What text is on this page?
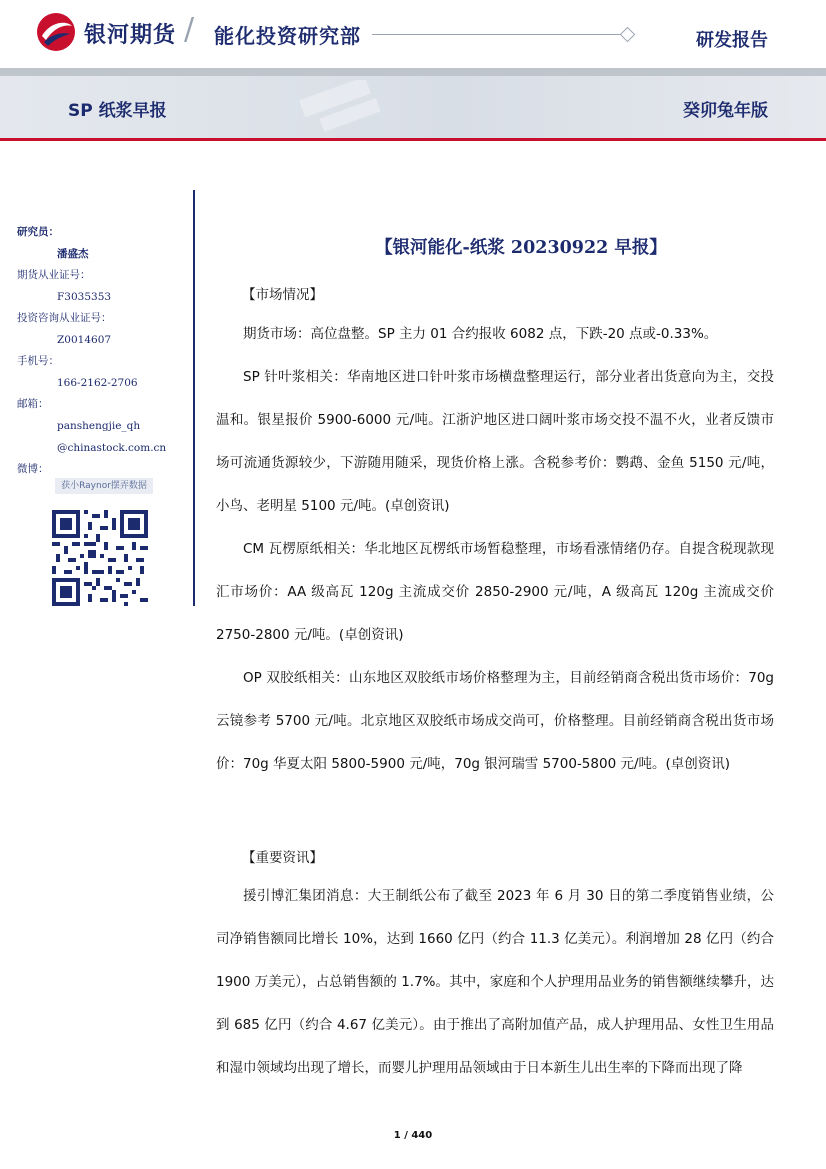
银河期货 / 能化投资研究部	研发报告
SP 纸浆早报	癸卯兔年版
研究员：
潘盛杰
期货从业证号：
F3035353
投资咨询从业证号：
Z0014607
手机号：
166-2162-2706
邮箱：
panshengjie_qh
@chinastock.com.cn
微博：
获小Raynor摆弄数据
【银河能化-纸浆 20230922 早报】
【市场情况】
期货市场：高位盘整。SP 主力 01 合约报收 6082 点，下跌-20 点或-0.33%。
SP 针叶浆相关：华南地区进口针叶浆市场横盘整理运行，部分业者出货意向为主，交投温和。银星报价 5900-6000 元/吨。江浙沪地区进口阔叶浆市场交投不温不火，业者反馈市场可流通货源较少，下游随用随采，现货价格上涨。含税参考价：鹦鹉、金鱼 5150 元/吨，小鸟、老明星 5100 元/吨。(卓创资讯)
CM 瓦楞原纸相关：华北地区瓦楞纸市场暂稳整理，市场看涨情绪仍存。自提含税现款现汇市场价：AA 级高瓦 120g 主流成交价 2850-2900 元/吨，A 级高瓦 120g 主流成交价 2750-2800 元/吨。(卓创资讯)
OP 双胶纸相关：山东地区双胶纸市场价格整理为主，目前经销商含税出货市场价：70g 云镜参考 5700 元/吨。北京地区双胶纸市场成交尚可，价格整理。目前经销商含税出货市场价：70g 华夏太阳 5800-5900 元/吨，70g 银河瑞雪 5700-5800 元/吨。(卓创资讯)
【重要资讯】
援引博汇集团消息：大王制纸公布了截至 2023 年 6 月 30 日的第二季度销售业绩，公司净销售额同比增长 10%，达到 1660 亿円（约合 11.3 亿美元）。利润增加 28 亿円（约合 1900 万美元），占总销售额的 1.7%。其中，家庭和个人护理用品业务的销售额继续攀升，达到 685 亿円（约合 4.67 亿美元）。由于推出了高附加值产品，成人护理用品、女性卫生用品和湿巾领域均出现了增长，而婴儿护理用品领域由于日本新生儿出生率的下降而出现了降
1 / 440
